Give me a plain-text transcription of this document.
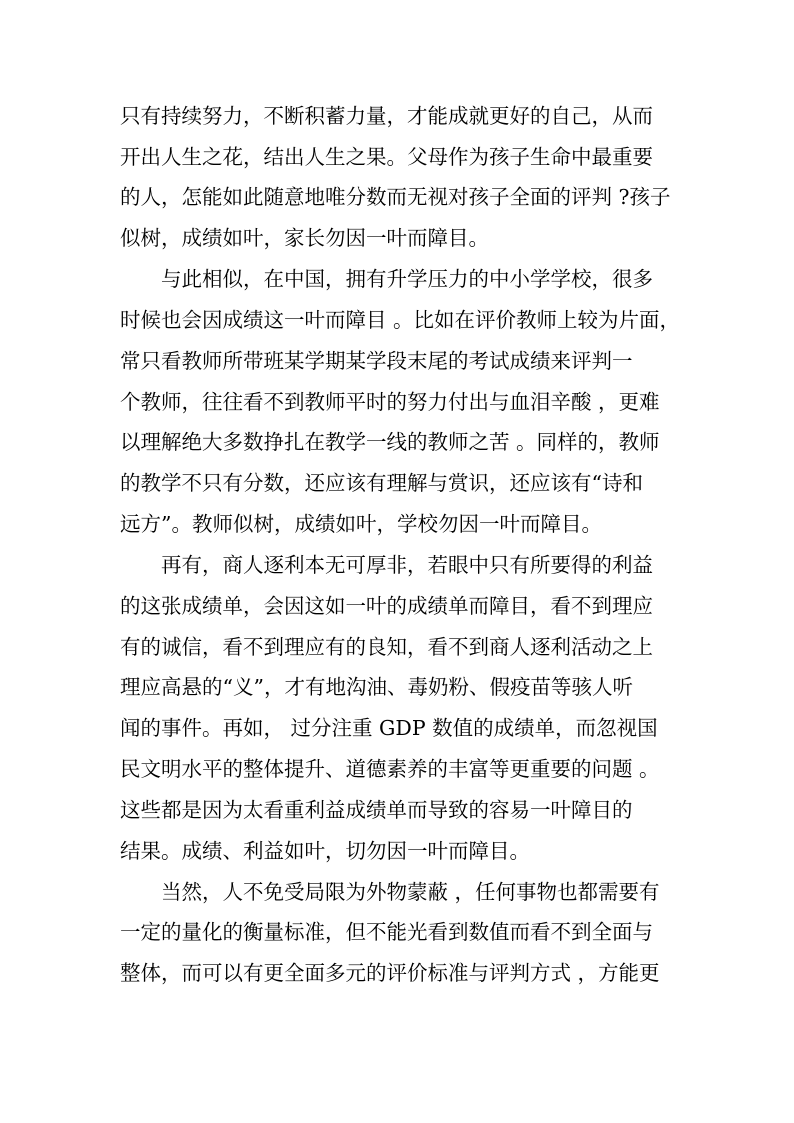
只有持续努力，不断积蓄力量，才能成就更好的自己，从而
开出人生之花，结出人生之果。父母作为孩子生命中最重要
的人，怎能如此随意地唯分数而无视对孩子全面的评判 ?孩子
似树，成绩如叶，家长勿因一叶而障目。
与此相似，在中国，拥有升学压力的中小学学校，很多
时候也会因成绩这一叶而障目 。比如在评价教师上较为片面，
常只看教师所带班某学期某学段末尾的考试成绩来评判一
个教师，往往看不到教师平时的努力付出与血泪辛酸 ，更难
以理解绝大多数挣扎在教学一线的教师之苦 。同样的，教师
的教学不只有分数，还应该有理解与赏识，还应该有“诗和
远方”。教师似树，成绩如叶，学校勿因一叶而障目。
再有，商人逐利本无可厚非，若眼中只有所要得的利益
的这张成绩单，会因这如一叶的成绩单而障目，看不到理应
有的诚信，看不到理应有的良知，看不到商人逐利活动之上
理应高悬的“义”，才有地沟油、毒奶粉、假疫苗等骇人听
闻的事件。再如， 过分注重 GDP 数值的成绩单，而忽视国
民文明水平的整体提升、道德素养的丰富等更重要的问题 。
这些都是因为太看重利益成绩单而导致的容易一叶障目的
结果。成绩、利益如叶，切勿因一叶而障目。
当然，人不免受局限为外物蒙蔽 ，任何事物也都需要有
一定的量化的衡量标准，但不能光看到数值而看不到全面与
整体，而可以有更全面多元的评价标准与评判方式 ，方能更
